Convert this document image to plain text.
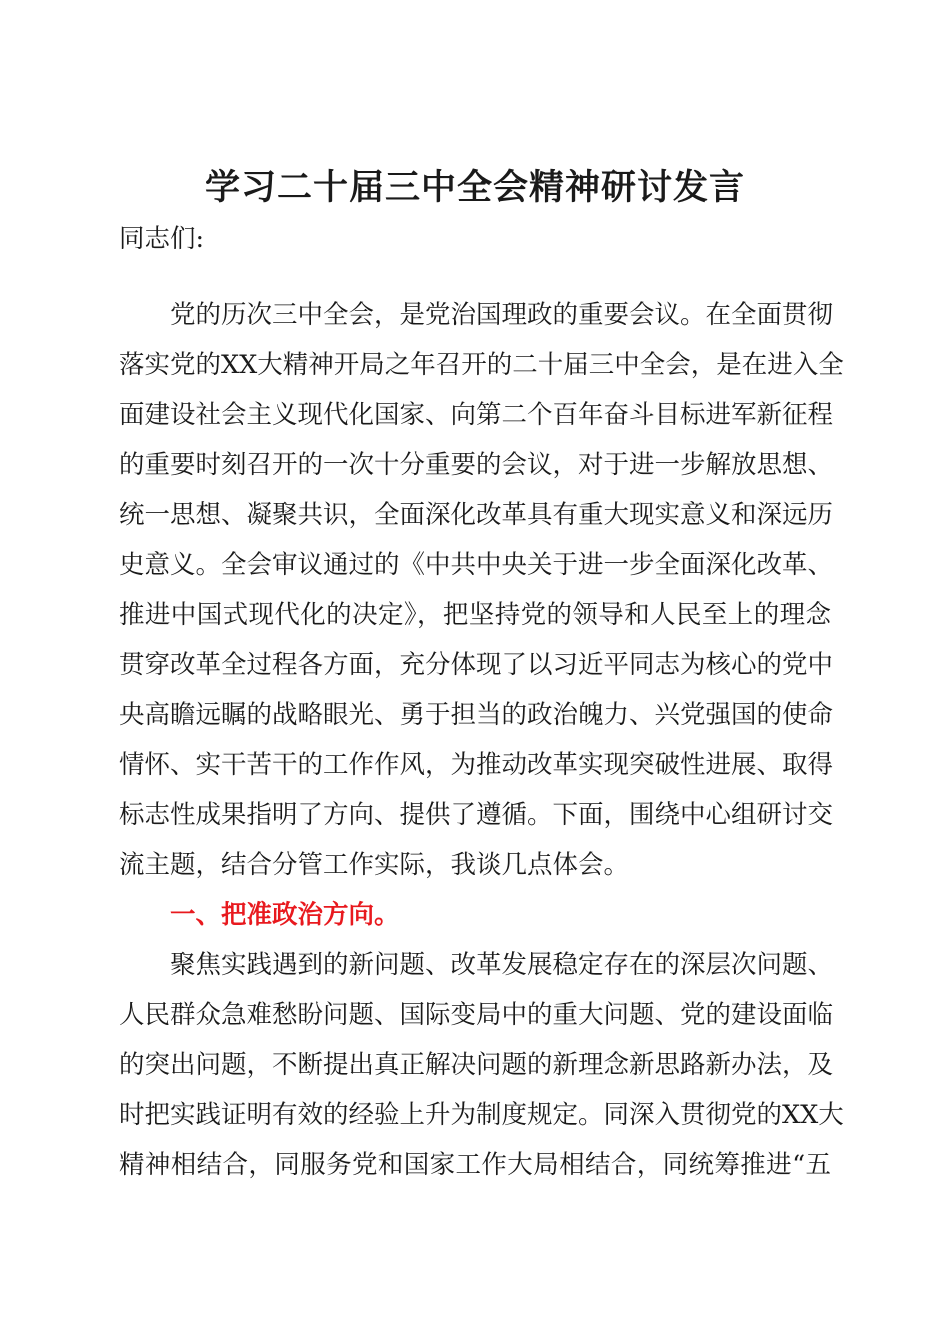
学习二十届三中全会精神研讨发言
同志们:
党的历次三中全会，是党治国理政的重要会议。在全面贯彻
落实党的XX大精神开局之年召开的二十届三中全会，是在进入全
面建设社会主义现代化国家、向第二个百年奋斗目标进军新征程
的重要时刻召开的一次十分重要的会议，对于进一步解放思想、
统一思想、凝聚共识，全面深化改革具有重大现实意义和深远历
史意义。全会审议通过的《中共中央关于进一步全面深化改革、
推进中国式现代化的决定》，把坚持党的领导和人民至上的理念
贯穿改革全过程各方面，充分体现了以习近平同志为核心的党中
央高瞻远瞩的战略眼光、勇于担当的政治魄力、兴党强国的使命
情怀、实干苦干的工作作风，为推动改革实现突破性进展、取得
标志性成果指明了方向、提供了遵循。下面，围绕中心组研讨交
流主题，结合分管工作实际，我谈几点体会。
一、把准政治方向。
聚焦实践遇到的新问题、改革发展稳定存在的深层次问题、
人民群众急难愁盼问题、国际变局中的重大问题、党的建设面临
的突出问题，不断提出真正解决问题的新理念新思路新办法，及
时把实践证明有效的经验上升为制度规定。同深入贯彻党的XX大
精神相结合，同服务党和国家工作大局相结合，同统筹推进“五
